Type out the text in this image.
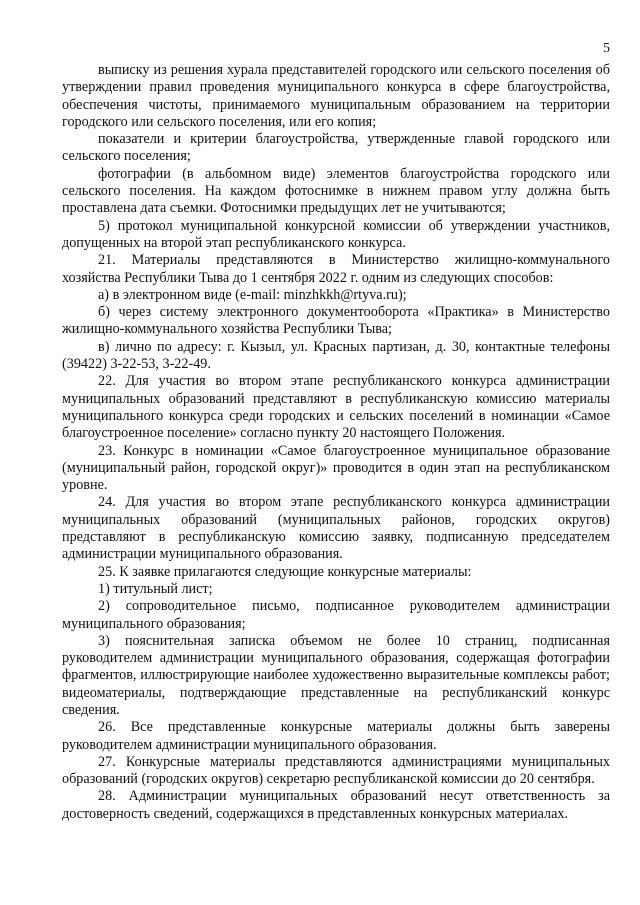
5

выписку из решения хурала представителей городского или сельского поселения об утверждении правил проведения муниципального конкурса в сфере благоустройства, обеспечения чистоты, принимаемого муниципальным образованием на территории городского или сельского поселения, или его копия;

показатели и критерии благоустройства, утвержденные главой городского или сельского поселения;

фотографии (в альбомном виде) элементов благоустройства городского или сельского поселения. На каждом фотоснимке в нижнем правом углу должна быть проставлена дата съемки. Фотоснимки предыдущих лет не учитываются;

5) протокол муниципальной конкурсной комиссии об утверждении участников, допущенных на второй этап республиканского конкурса.

21. Материалы представляются в Министерство жилищно-коммунального хозяйства Республики Тыва до 1 сентября 2022 г. одним из следующих способов:

а) в электронном виде (e-mail: minzhkkh@rtyva.ru);

б) через систему электронного документооборота «Практика» в Министерство жилищно-коммунального хозяйства Республики Тыва;

в) лично по адресу: г. Кызыл, ул. Красных партизан, д. 30, контактные телефоны (39422) 3-22-53, 3-22-49.

22. Для участия во втором этапе республиканского конкурса администрации муниципальных образований представляют в республиканскую комиссию материалы муниципального конкурса среди городских и сельских поселений в номинации «Самое благоустроенное поселение» согласно пункту 20 настоящего Положения.

23. Конкурс в номинации «Самое благоустроенное муниципальное образование (муниципальный район, городской округ)» проводится в один этап на республиканском уровне.

24. Для участия во втором этапе республиканского конкурса администрации муниципальных образований (муниципальных районов, городских округов) представляют в республиканскую комиссию заявку, подписанную председателем администрации муниципального образования.

25. К заявке прилагаются следующие конкурсные материалы:

1) титульный лист;

2) сопроводительное письмо, подписанное руководителем администрации муниципального образования;

3) пояснительная записка объемом не более 10 страниц, подписанная руководителем администрации муниципального образования, содержащая фотографии фрагментов, иллюстрирующие наиболее художественно выразительные комплексы работ; видеоматериалы, подтверждающие представленные на республиканский конкурс сведения.

26. Все представленные конкурсные материалы должны быть заверены руководителем администрации муниципального образования.

27. Конкурсные материалы представляются администрациями муниципальных образований (городских округов) секретарю республиканской комиссии до 20 сентября.

28. Администрации муниципальных образований несут ответственность за достоверность сведений, содержащихся в представленных конкурсных материалах.
